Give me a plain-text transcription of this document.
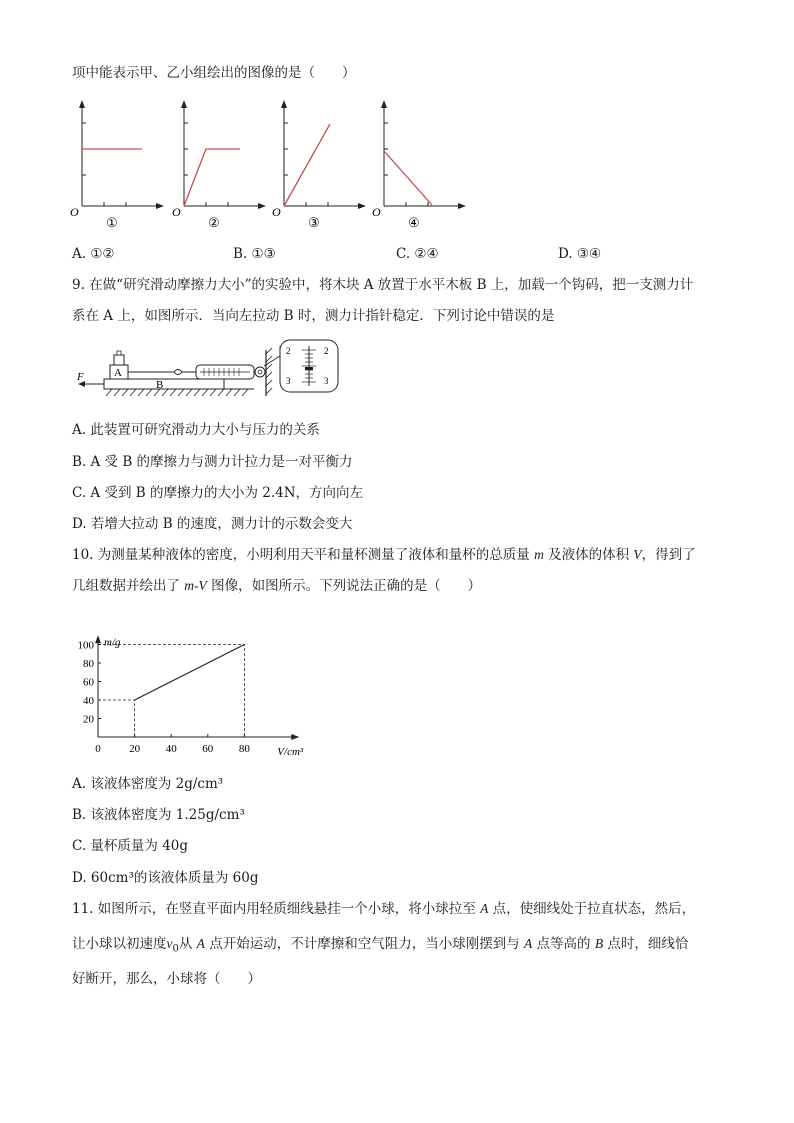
项中能表示甲、乙小组绘出的图像的是（　　）
O
①
O
②
O
③
O
④
A. ①②	B. ①③	C. ②④	D. ③④
9. 在做“研究滑动摩擦力大小”的实验中，将木块 A 放置于水平木板 B 上，加载一个钩码，把一支测力计
系在 A 上，如图所示．当向左拉动 B 时，测力计指针稳定．下列讨论中错误的是
B
F	A
2	2
3	3
A. 此装置可研究滑动力大小与压力的关系
B. A 受 B 的摩擦力与测力计拉力是一对平衡力
C. A 受到 B 的摩擦力的大小为 2.4N，方向向左
D. 若增大拉动 B 的速度，测力计的示数会变大
10. 为测量某种液体的密度，小明利用天平和量杯测量了液体和量杯的总质量 m 及液体的体积 V，得到了
几组数据并绘出了 m-V 图像，如图所示。下列说法正确的是（　　）
m/g
V/cm³
20
40
60
80
100
0	20 40 60 80
A. 该液体密度为 2g/cm³
B. 该液体密度为 1.25g/cm³
C. 量杯质量为 40g
D. 60cm³的该液体质量为 60g
11. 如图所示，在竖直平面内用轻质细线悬挂一个小球，将小球拉至 A 点，使细线处于拉直状态，然后，
让小球以初速度$v_0$从 A 点开始运动，不计摩擦和空气阻力，当小球刚摆到与 A 点等高的 B 点时，细线恰
好断开，那么，小球将（　　）
